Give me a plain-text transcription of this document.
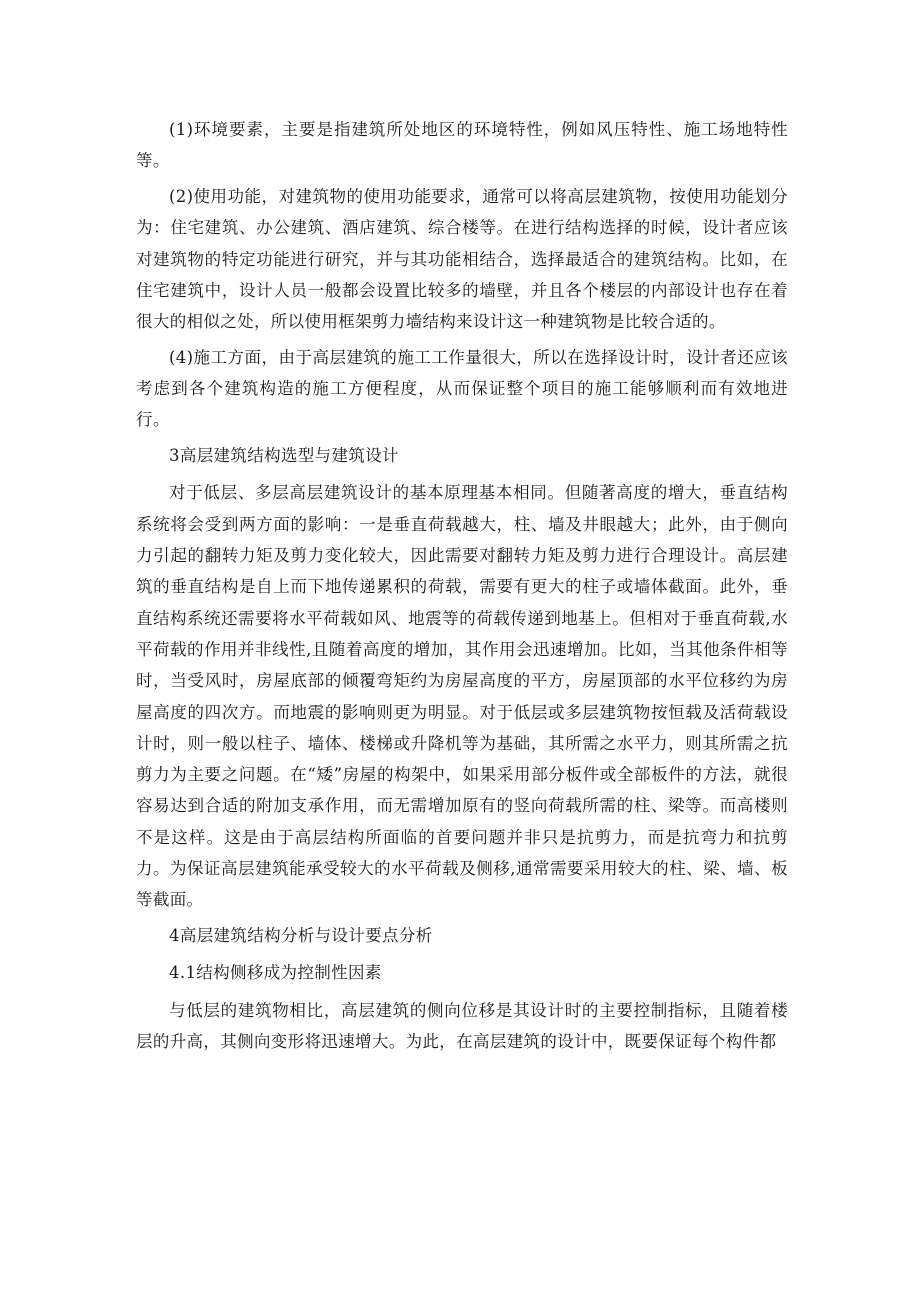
(1)环境要素，主要是指建筑所处地区的环境特性，例如风压特性、施工场地特性等。

(2)使用功能，对建筑物的使用功能要求，通常可以将高层建筑物，按使用功能划分为：住宅建筑、办公建筑、酒店建筑、综合楼等。在进行结构选择的时候，设计者应该对建筑物的特定功能进行研究，并与其功能相结合，选择最适合的建筑结构。比如，在住宅建筑中，设计人员一般都会设置比较多的墙壁，并且各个楼层的内部设计也存在着很大的相似之处，所以使用框架剪力墙结构来设计这一种建筑物是比较合适的。

(4)施工方面，由于高层建筑的施工工作量很大，所以在选择设计时，设计者还应该考虑到各个建筑构造的施工方便程度，从而保证整个项目的施工能够顺利而有效地进行。

3高层建筑结构选型与建筑设计

对于低层、多层高层建筑设计的基本原理基本相同。但随著高度的增大，垂直结构系统将会受到两方面的影响：一是垂直荷载越大，柱、墙及井眼越大；此外，由于侧向力引起的翻转力矩及剪力变化较大，因此需要对翻转力矩及剪力进行合理设计。高层建筑的垂直结构是自上而下地传递累积的荷载，需要有更大的柱子或墙体截面。此外，垂直结构系统还需要将水平荷载如风、地震等的荷载传递到地基上。但相对于垂直荷载,水平荷载的作用并非线性,且随着高度的增加，其作用会迅速增加。比如，当其他条件相等时，当受风时，房屋底部的倾覆弯矩约为房屋高度的平方，房屋顶部的水平位移约为房屋高度的四次方。而地震的影响则更为明显。对于低层或多层建筑物按恒载及活荷载设计时，则一般以柱子、墙体、楼梯或升降机等为基础，其所需之水平力，则其所需之抗剪力为主要之问题。在“矮”房屋的构架中，如果采用部分板件或全部板件的方法，就很容易达到合适的附加支承作用，而无需增加原有的竖向荷载所需的柱、梁等。而高楼则不是这样。这是由于高层结构所面临的首要问题并非只是抗剪力，而是抗弯力和抗剪力。为保证高层建筑能承受较大的水平荷载及侧移,通常需要采用较大的柱、梁、墙、板等截面。

4高层建筑结构分析与设计要点分析

4.1结构侧移成为控制性因素

与低层的建筑物相比，高层建筑的侧向位移是其设计时的主要控制指标，且随着楼层的升高，其侧向变形将迅速增大。为此，在高层建筑的设计中，既要保证每个构件都
